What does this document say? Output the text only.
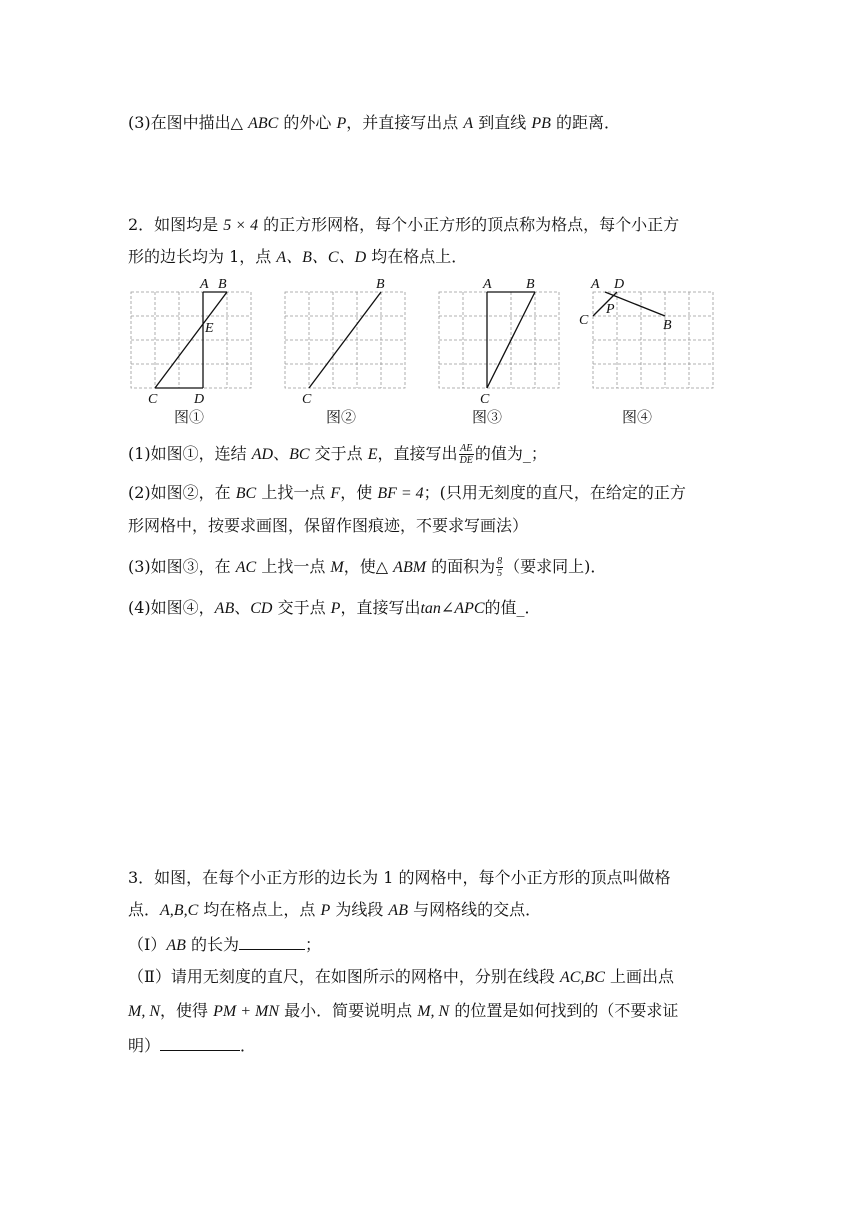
(3)在图中描出△ ABC 的外心 P，并直接写出点 A 到直线 PB 的距离．
2．如图均是 5 × 4 的正方形网格，每个小正方形的顶点称为格点，每个小正方
形的边长均为 1，点 A、B、C、D 均在格点上．
A B
E
C	D
图①
B
C
图②
A B
C
图③
A D
P
C	B
图④
(1)如图①，连结 AD、BC 交于点 E，直接写出 $\frac{AE}{DE}$ 的值为_；
(2)如图②，在 BC 上找一点 F，使 BF = 4；(只用无刻度的直尺，在给定的正方
形网格中，按要求画图，保留作图痕迹，不要求写画法）
(3)如图③，在 AC 上找一点 M，使△ ABM 的面积为 $\frac{8}{5}$ （要求同上)．
(4)如图④，AB、CD 交于点 P，直接写出tan∠APC的值_．
3．如图，在每个小正方形的边长为 1 的网格中，每个小正方形的顶点叫做格
点．A,B,C 均在格点上，点 P 为线段 AB 与网格线的交点．
（Ⅰ）AB 的长为	；
（Ⅱ）请用无刻度的直尺，在如图所示的网格中，分别在线段 AC,BC 上画出点
M, N，使得 PM + MN 最小．简要说明点 M, N 的位置是如何找到的（不要求证
明）	．
